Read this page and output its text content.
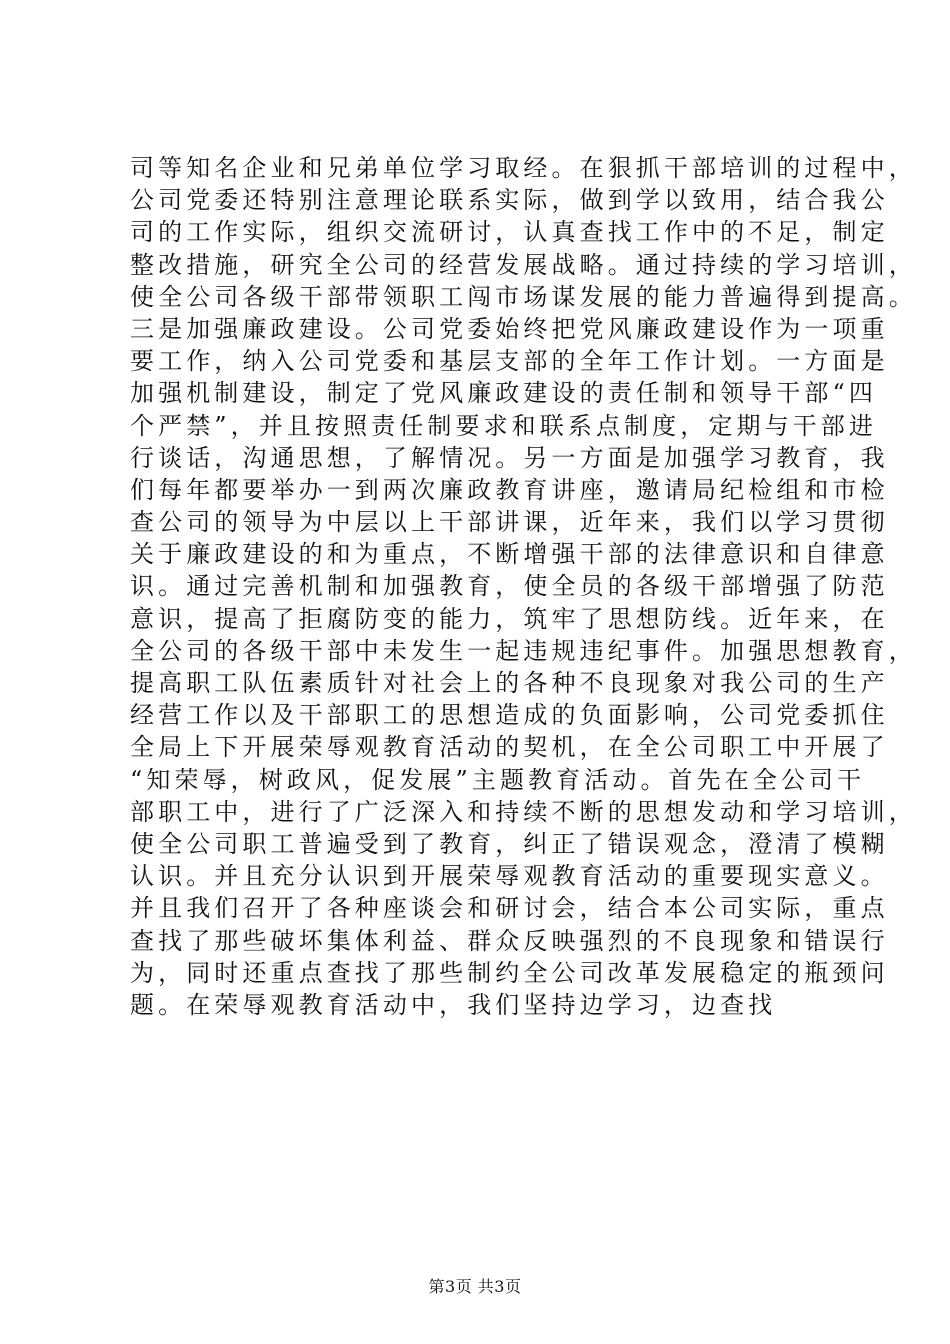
司等知名企业和兄弟单位学习取经。在狠抓干部培训的过程中，
公司党委还特别注意理论联系实际，做到学以致用，结合我公
司的工作实际，组织交流研讨，认真查找工作中的不足，制定
整改措施，研究全公司的经营发展战略。通过持续的学习培训，
使全公司各级干部带领职工闯市场谋发展的能力普遍得到提高。
三是加强廉政建设。公司党委始终把党风廉政建设作为一项重
要工作，纳入公司党委和基层支部的全年工作计划。一方面是
加强机制建设，制定了党风廉政建设的责任制和领导干部“四
个严禁”，并且按照责任制要求和联系点制度，定期与干部进
行谈话，沟通思想，了解情况。另一方面是加强学习教育，我
们每年都要举办一到两次廉政教育讲座，邀请局纪检组和市检
查公司的领导为中层以上干部讲课，近年来，我们以学习贯彻
关于廉政建设的和为重点，不断增强干部的法律意识和自律意
识。通过完善机制和加强教育，使全员的各级干部增强了防范
意识，提高了拒腐防变的能力，筑牢了思想防线。近年来，在
全公司的各级干部中未发生一起违规违纪事件。加强思想教育，
提高职工队伍素质针对社会上的各种不良现象对我公司的生产
经营工作以及干部职工的思想造成的负面影响，公司党委抓住
全局上下开展荣辱观教育活动的契机，在全公司职工中开展了
“知荣辱，树政风，促发展”主题教育活动。首先在全公司干
部职工中，进行了广泛深入和持续不断的思想发动和学习培训，
使全公司职工普遍受到了教育，纠正了错误观念，澄清了模糊
认识。并且充分认识到开展荣辱观教育活动的重要现实意义。
并且我们召开了各种座谈会和研讨会，结合本公司实际，重点
查找了那些破坏集体利益、群众反映强烈的不良现象和错误行
为，同时还重点查找了那些制约全公司改革发展稳定的瓶颈问
题。在荣辱观教育活动中，我们坚持边学习，边查找
第3页 共3页
